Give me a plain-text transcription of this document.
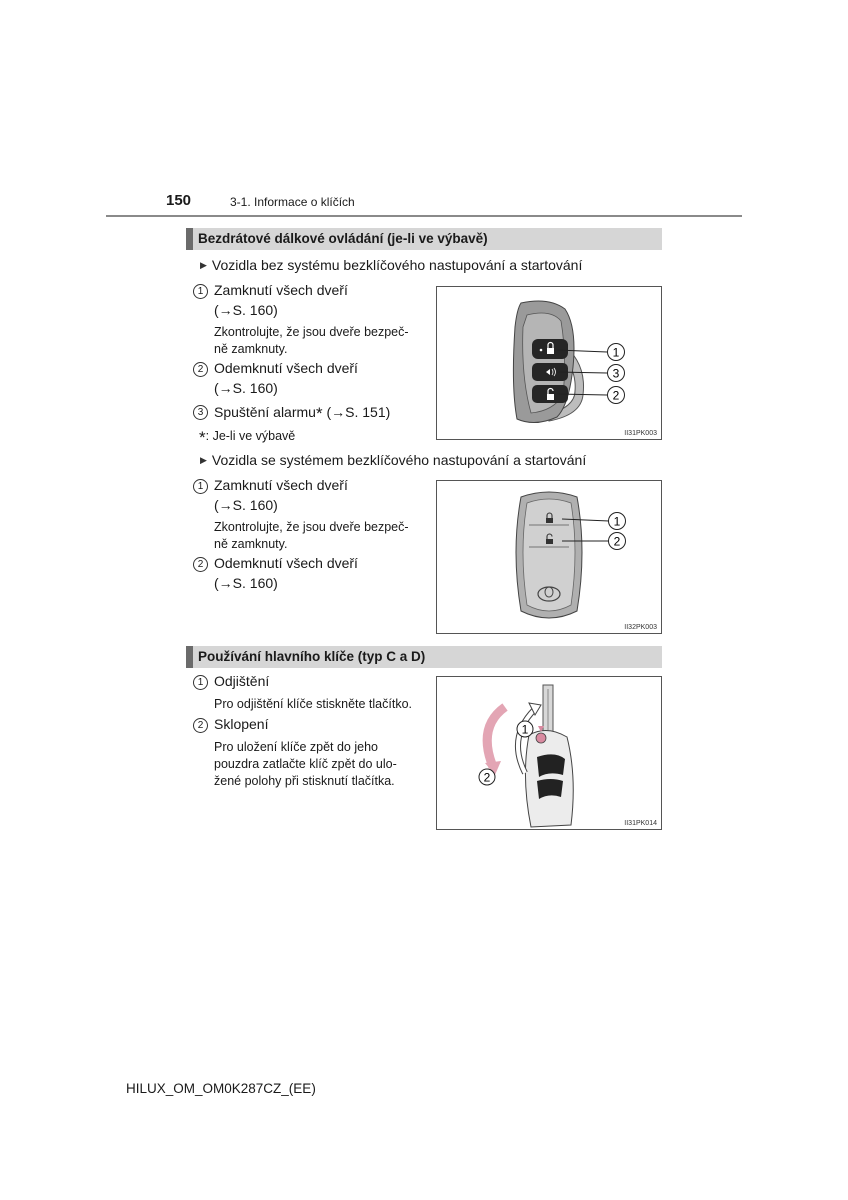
150	3-1. Informace o klíčích
Bezdrátové dálkové ovládání (je-li ve výbavě)
▶ Vozidla bez systému bezklíčového nastupování a startování
1 Zamknutí všech dveří
(→S. 160)
Zkontrolujte, že jsou dveře bezpeč-
ně zamknuty.
2 Odemknutí všech dveří
(→S. 160)
3 Spuštění alarmu* (→S. 151)
*: Je-li ve výbavě
1
3
2
II31PK003
▶ Vozidla se systémem bezklíčového nastupování a startování
1 Zamknutí všech dveří
(→S. 160)
Zkontrolujte, že jsou dveře bezpeč-
ně zamknuty.
2 Odemknutí všech dveří
(→S. 160)
1
2
II32PK003
Používání hlavního klíče (typ C a D)
1 Odjištění
Pro odjištění klíče stiskněte tlačítko.
2 Sklopení
Pro uložení klíče zpět do jeho
pouzdra zatlačte klíč zpět do ulo-
žené polohy při stisknutí tlačítka.
1
2
II31PK014
HILUX_OM_OM0K287CZ_(EE)
